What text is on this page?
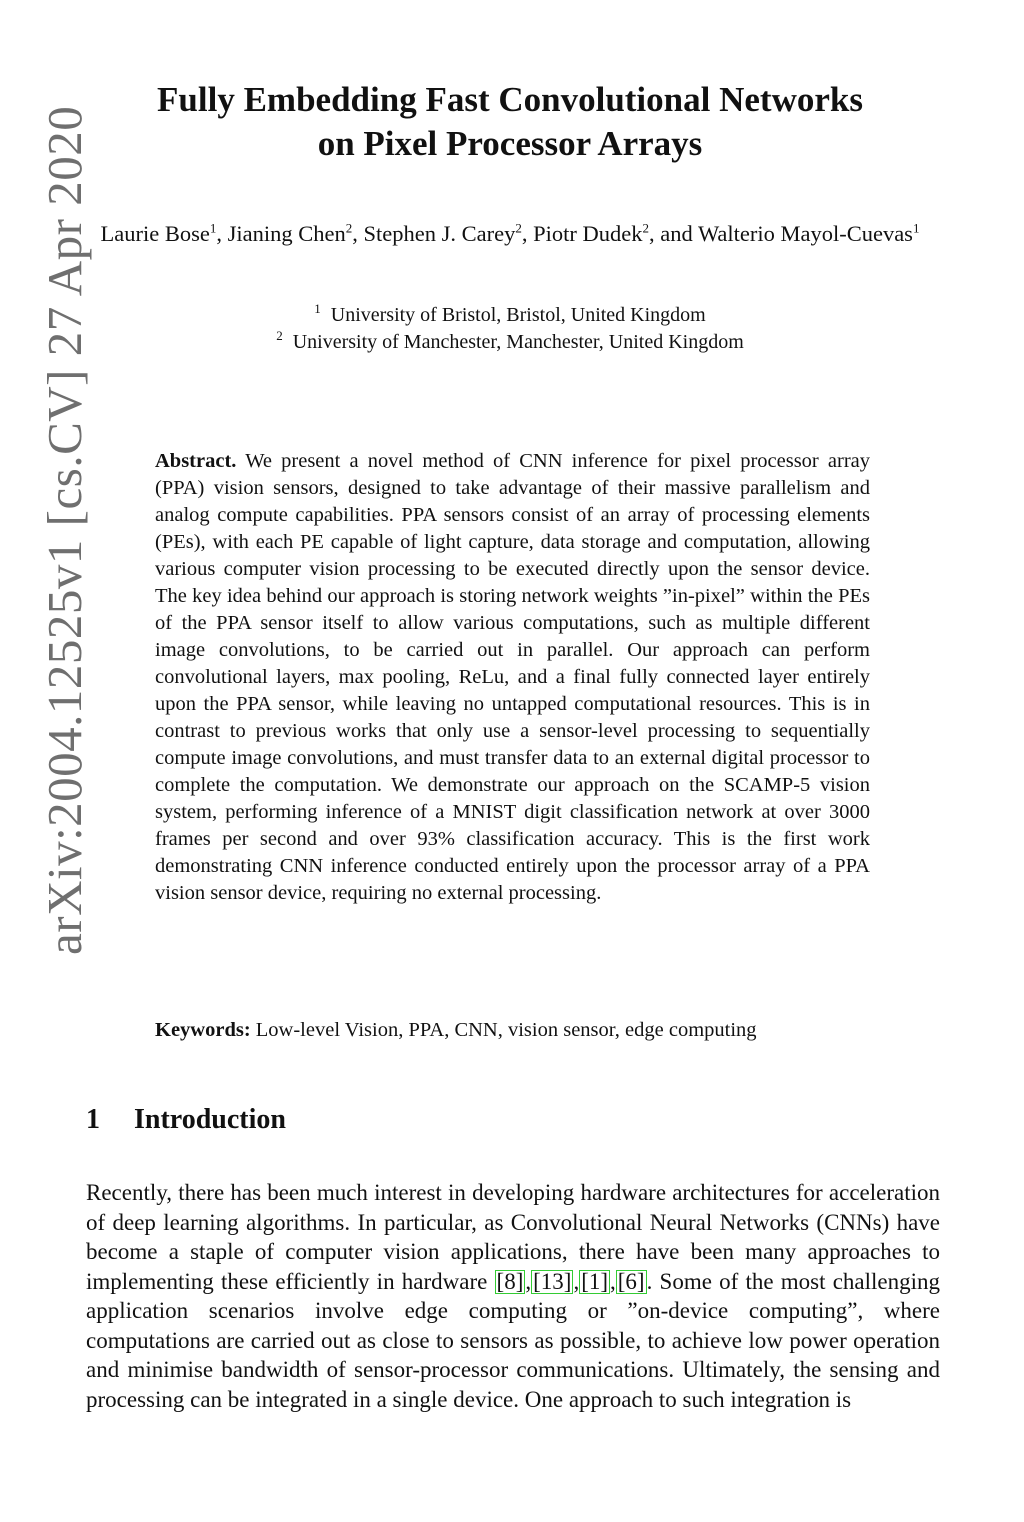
arXiv:2004.12525v1 [cs.CV] 27 Apr 2020
Fully Embedding Fast Convolutional Networks
on Pixel Processor Arrays
Laurie Bose$^1$, Jianing Chen$^2$, Stephen J. Carey$^2$, Piotr Dudek$^2$, and Walterio Mayol-Cuevas$^1$
$^1$ University of Bristol, Bristol, United Kingdom
$^2$ University of Manchester, Manchester, United Kingdom

Abstract. We present a novel method of CNN inference for pixel processor array (PPA) vision sensors, designed to take advantage of their massive parallelism and analog compute capabilities. PPA sensors consist of an array of processing elements (PEs), with each PE capable of light capture, data storage and computation, allowing various computer vision processing to be executed directly upon the sensor device. The key idea behind our approach is storing network weights ”in-pixel” within the PEs of the PPA sensor itself to allow various computations, such as multiple different image convolutions, to be carried out in parallel. Our approach can perform convolutional layers, max pooling, ReLu, and a final fully connected layer entirely upon the PPA sensor, while leaving no untapped computational resources. This is in contrast to previous works that only use a sensor-level processing to sequentially compute image convolutions, and must transfer data to an external digital processor to complete the computation. We demonstrate our approach on the SCAMP-5 vision system, performing inference of a MNIST digit classification network at over 3000 frames per second and over 93% classification accuracy. This is the first work demonstrating CNN inference conducted entirely upon the processor array of a PPA vision sensor device, requiring no external processing.

Keywords: Low-level Vision, PPA, CNN, vision sensor, edge computing

1 Introduction

Recently, there has been much interest in developing hardware architectures for acceleration of deep learning algorithms. In particular, as Convolutional Neural Networks (CNNs) have become a staple of computer vision applications, there have been many approaches to implementing these efficiently in hardware [8],[13],[1],[6]. Some of the most challenging application scenarios involve edge computing or ”on-device computing”, where computations are carried out as close to sensors as possible, to achieve low power operation and minimise bandwidth of sensor-processor communications. Ultimately, the sensing and processing can be integrated in a single device. One approach to such integration is
